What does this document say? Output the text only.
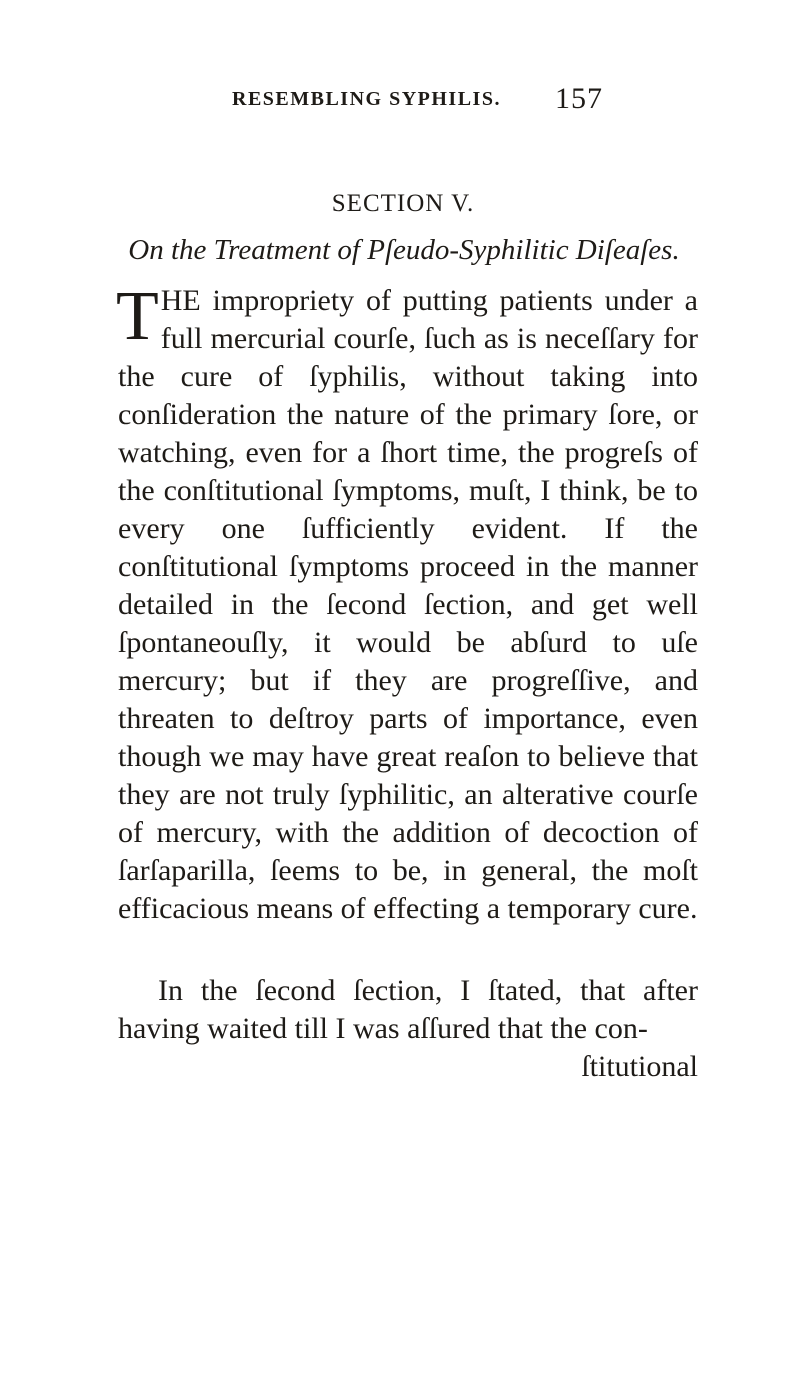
RESEMBLING SYPHILIS. 157
SECTION V.
On the Treatment of Pſeudo-Syphilitic Diſeaſes.

THE impropriety of putting patients under a full mercurial courſe, ſuch as is neceſſary for the cure of ſyphilis, without taking into conſideration the nature of the primary ſore, or watching, even for a ſhort time, the progreſs of the conſtitutional ſymptoms, muſt, I think, be to every one ſufficiently evident. If the conſtitutional ſymptoms proceed in the manner detailed in the ſecond ſection, and get well ſpontaneouſly, it would be abſurd to uſe mercury; but if they are progreſſive, and threaten to deſtroy parts of importance, even though we may have great reaſon to believe that they are not truly ſyphilitic, an alterative courſe of mercury, with the addition of decoction of ſarſaparilla, ſeems to be, in general, the moſt efficacious means of effecting a temporary cure.

In the ſecond ſection, I ſtated, that after having waited till I was aſſured that the con-

ſtitutional
